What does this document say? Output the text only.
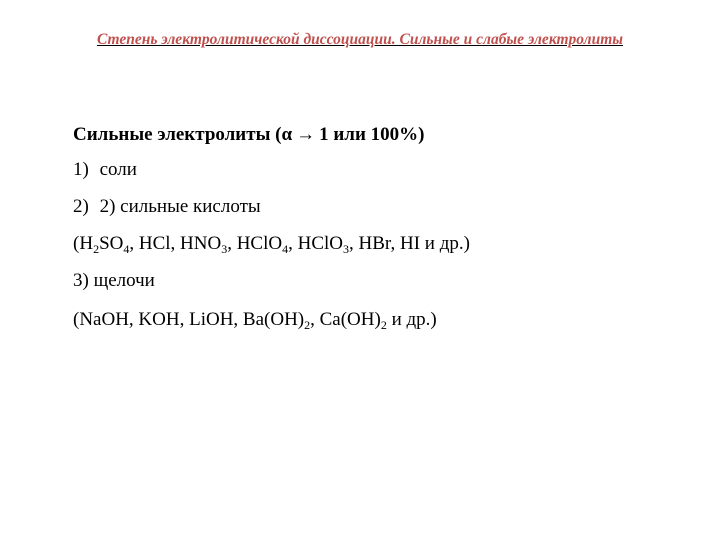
Степень электролитической диссоциации. Сильные и слабые электролиты
Сильные электролиты (α → 1 или 100%)
1) соли
2) 2) сильные кислоты
($H_2SO_4$, HCl, $HNO_3$, HClO$_4$, HClO$_3$, HBr, HI и др.)
3) щелочи
(NaOH, KOH, LiOH, $Ba(OH)_2$, $Ca(OH)_2$ и др.)
